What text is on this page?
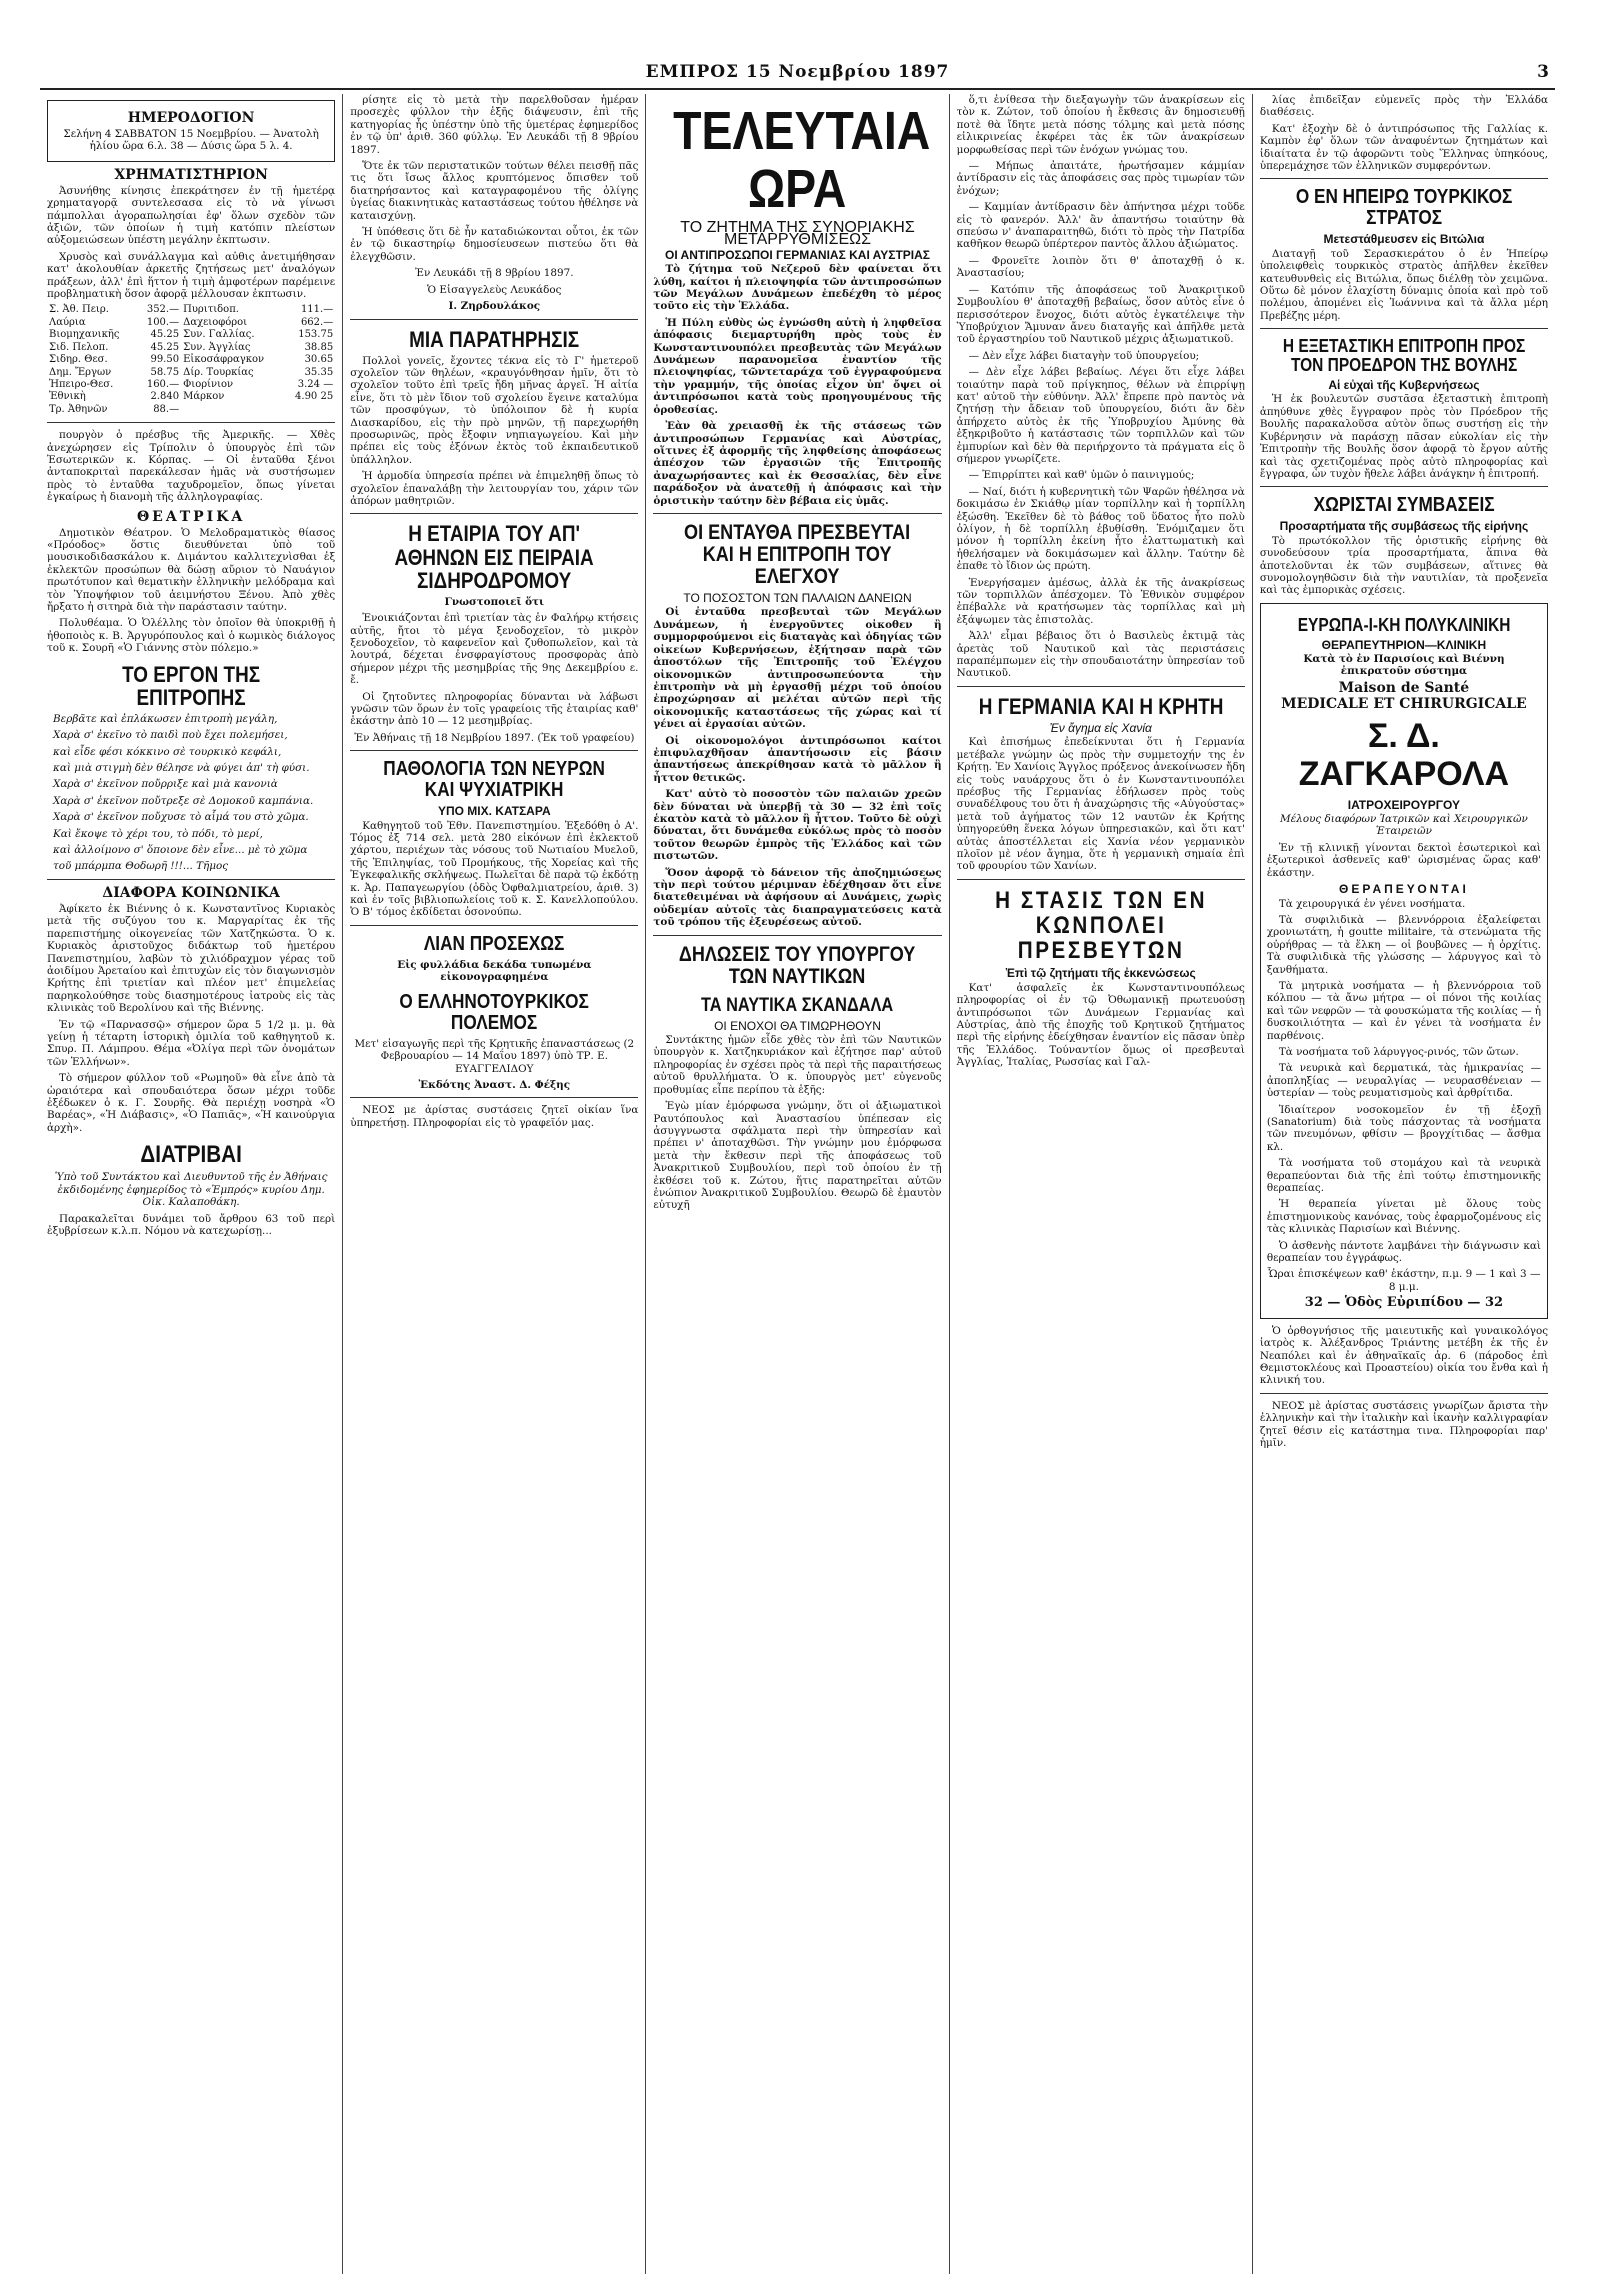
ΕΜΠΡΟΣ 15 Νοεμβρίου 1897	3
ΗΜΕΡΟΔΟΓΙΟΝ

Σελήνη 4 ΣΑΒΒΑΤΟΝ 15 Νοεμβρίου. — Ἀνατολὴ ἡλίου ὥρα 6.λ. 38 — Δύσις ὥρα 5 λ. 4.

ΧΡΗΜΑΤΙΣΤΗΡΙΟΝ

Ἀσυνήθης κίνησις ἐπεκράτησεν ἐν τῇ ἡμετέρᾳ χρηματαγορᾷ συντελεσασα εἰς τὸ νὰ γίνωσι πάμπολλαι ἀγοραπωλησίαι ἐφ' ὅλων σχεδὸν τῶν ἀξιῶν, τῶν ὁποίων ἡ τιμὴ κατόπιν πλείστων αὐξομειώσεων ὑπέστη μεγάλην ἐκπτωσιν.

Χρυσὸς καὶ συνάλλαγμα καὶ αὐθις ἀνετιμήθησαν κατ' ἀκολουθίαν ἀρκετῆς ζητήσεως μετ' ἀναλόγων πράξεων, ἀλλ' ἐπὶ ἥττον ἡ τιμὴ ἀμφοτέρων παρέμεινε προβληματικὴ ὅσον ἀφορᾷ μέλλουσαν ἐκπτωσιν.

Σ. Ἀθ. Πειρ.	352.—	Πυριτιδοπ.	111.—
Λαύρια	100.—	Δαχειοφόροι	662.—
Βιομηχανικῆς	45.25	Συν. Γαλλίας.	153.75
Σιδ. Πελοπ.	45.25	Συν. Ἀγγλίας	38.85
Σιδηρ. Θεσ.	99.50	Εἰκοσάφραγκον	30.65
Δημ. Ἔργων	58.75	Δίρ. Τουρκίας	35.35
Ἠπειρο-Θεσ.	160.—	Φιορίνιον	3.24 —
Ἐθνικὴ	2.840	Μάρκον	4.90 25
Τρ. Ἀθηνῶν	88.—		

πουργὸν ὁ πρέσβυς τῆς Ἀμερικῆς. — Χθὲς ἀνεχώρησεν εἰς Τρίπολιν ὁ ὑπουργὸς ἐπὶ τῶν Ἐσωτερικῶν κ. Κόρπας. — Οἱ ἐνταῦθα ξένοι ἀνταποκριταὶ παρεκάλεσαν ἡμᾶς νὰ συστήσωμεν πρὸς τὸ ἐνταῦθα ταχυδρομεῖον, ὅπως γίνεται ἐγκαίρως ἡ διανομὴ τῆς ἀλληλογραφίας.

ΘΕΑΤΡΙΚΑ

Δημοτικὸν Θέατρον. Ὁ Μελοδραματικὸς θίασος «Πρόοδος» ὅστις διευθύνεται ὑπὸ τοῦ μουσικοδιδασκάλου κ. Διμάντου καλλιτεχνὶσθαι ἐξ ἐκλεκτῶν προσώπων θὰ δώσῃ αὔριον τὸ Ναυάγιον πρωτότυπον καὶ θεματικὴν ἑλληνικὴν μελόδραμα καὶ τὸν Ὑποψήφιον τοῦ ἀειμνήστου Ξένου. Ἀπὸ χθὲς ἤρξατο ἡ σιτηρὰ διὰ τὴν παράστασιν ταύτην.

Πολυθέαμα. Ὁ Ὀλέλλης τὸν ὁποῖον θὰ ὑποκριθῇ ἡ ἠθοποιὸς κ. Β. Ἀργυρόπουλος καὶ ὁ κωμικὸς διάλογος τοῦ κ. Σουρῆ «Ὁ Γιάννης στὸν πόλεμο.»

ΤΟ ΕΡΓΟΝ ΤΗΣ ΕΠΙΤΡΟΠΗΣ

Βερβᾶτε καὶ ἐπλάκωσεν ἐπιτροπὴ μεγάλη,

Χαρὰ σ' ἐκεῖνο τὸ παιδὶ ποὺ ἔχει πολεμήσει,

καὶ εἶδε φέσι κόκκινο σὲ τουρκικὸ κεφάλι,

καὶ μιὰ στιγμὴ δὲν θέλησε νὰ φύγει ἀπ' τὴ φύσι.

Χαρὰ σ' ἐκεῖνον ποὔρριξε καὶ μιὰ κανονιὰ

Χαρὰ σ' ἐκεῖνον ποὔτρεξε σὲ Δομοκοῦ καμπάνια.

Χαρὰ σ' ἐκεῖνον ποὔχυσε τὸ αἷμά του στὸ χῶμα.

Καὶ ἔκοψε τὸ χέρι του, τὸ πόδι, τὸ μερί,

καὶ ἀλλοίμονο σ' ὅποιονε δὲν εἶνε... μὲ τὸ χῶμα

τοῦ μπάρμπα Θοδωρῆ !!!... Τῆμος

ΔΙΑΦΟΡΑ ΚΟΙΝΩΝΙΚΑ

Ἀφίκετο ἐκ Βιέννης ὁ κ. Κωνσταντῖνος Κυριακὸς μετὰ τῆς συζύγου του κ. Μαργαρίτας ἐκ τῆς παρεπιστήμης οἰκογενείας τῶν Χατζηκώστα. Ὁ κ. Κυριακὸς ἀριστοῦχος διδάκτωρ τοῦ ἡμετέρου Πανεπιστημίου, λαβὼν τὸ χιλιόδραχμον γέρας τοῦ ἀοιδίμου Ἀρεταίου καὶ ἐπιτυχὼν εἰς τὸν διαγωνισμὸν Κρήτης ἐπὶ τριετίαν καὶ πλέον μετ' ἐπιμελείας παρηκολούθησε τοὺς διασημοτέρους ἰατροὺς εἰς τὰς κλινικὰς τοῦ Βερολίνου καὶ τῆς Βιέννης.

Ἐν τῷ «Παρνασσῷ» σήμερον ὥρα 5 1/2 μ. μ. θὰ γείνῃ ἡ τέταρτη ἱστορικὴ ὁμιλία τοῦ καθηγητοῦ κ. Σπυρ. Π. Λάμπρου. Θέμα «Ὀλίγα περὶ τῶν ὀνομάτων τῶν Ἑλλήνων».

Τὸ σήμερον φύλλον τοῦ «Ρωμηοῦ» θὰ εἶνε ἀπὸ τὰ ὠραιότερα καὶ σπουδαιότερα ὅσων μέχρι τοῦδε ἐξέδωκεν ὁ κ. Γ. Σουρῆς. Θὰ περιέχῃ νοσηρὰ «Ὁ Βαρέας», «Ἡ Διάβασις», «Ὁ Παπιᾶς», «Ἡ καινούργια ἀρχὴ».

ΔΙΑΤΡΙΒΑΙ

Ὑπὸ τοῦ Συντάκτου καὶ Διευθυντοῦ τῆς ἐν Ἀθήναις ἐκδιδομένης ἐφημερίδος τὸ «Ἐμπρός» κυρίου Δημ. Οἰκ. Καλαποθάκη.

Παρακαλεῖται δυνάμει τοῦ ἄρθρου 63 τοῦ περὶ ἐξυβρίσεων κ.λ.π. Νόμου νὰ κατεχωρίσῃ...

ρίσητε εἰς τὸ μετὰ τὴν παρελθοῦσαν ἡμέραν προσεχὲς φύλλον τὴν ἑξῆς διάψευσιν, ἐπὶ τῆς κατηγορίας ἧς ὑπέστην ὑπὸ τῆς ὑμετέρας ἐφημερίδος ἐν τῷ ὑπ' ἀριθ. 360 φύλλῳ. Ἐν Λευκάδι τῇ 8 9βρίου 1897.

Ὅτε ἐκ τῶν περιστατικῶν τούτων θέλει πεισθῇ πᾶς τις ὅτι ἴσως ἄλλος κρυπτόμενος ὄπισθεν τοῦ διατηρήσαντος καὶ καταγραφομένου τῆς ὀλίγης ὑγείας διακινητικὰς καταστάσεως τούτου ἠθέλησε νὰ καταισχύνῃ.

Ἡ ὑπόθεσις ὅτι δὲ ἦν καταδιώκονται οὗτοι, ἐκ τῶν ἐν τῷ δικαστηρίῳ δημοσίευσεων πιστεύω ὅτι θὰ ἐλεγχθῶσιν.

Ἐν Λευκάδι τῇ 8 9βρίου 1897.

Ὁ Εἰσαγγελεὺς Λευκάδος

Ι. Ζηρδουλάκος

ΜΙΑ ΠΑΡΑΤΗΡΗΣΙΣ

Πολλοὶ γονεῖς, ἔχοντες τέκνα εἰς τὸ Γ' ἡμετεροῦ σχολεῖον τῶν θηλέων, «κραυγόνθησαν ἡμῖν, ὅτι τὸ σχολεῖον τοῦτο ἐπὶ τρεῖς ἤδη μῆνας ἀργεῖ. Ἡ αἰτία εἶνε, ὅτι τὸ μὲν ἴδιον τοῦ σχολείου ἔγεινε καταλύμα τῶν προσφύγων, τὸ ὑπόλοιπον δὲ ἡ κυρία Διασκαρίδου, εἰς τὴν πρὸ μηνῶν, τῇ παρεχωρήθη προσωρινῶς, πρὸς ἔξοφιν νηπιαγωγείου. Καὶ μὴν πρέπει εἰς τοὺς ἐξόνων ἐκτὸς τοῦ ἐκπαιδευτικοῦ ὑπάλληλον.

Ἡ ἀρμοδία ὑπηρεσία πρέπει νὰ ἐπιμεληθῇ ὅπως τὸ σχολεῖον ἐπαναλάβῃ τὴν λειτουργίαν του, χάριν τῶν ἀπόρων μαθητριῶν.

Η ΕΤΑΙΡΙΑ ΤΟΥ ΑΠ' ΑΘΗΝΩΝ ΕΙΣ ΠΕΙΡΑΙΑ ΣΙΔΗΡΟΔΡΟΜΟΥ

Γνωστοποιεῖ ὅτι

Ἐνοικιάζονται ἐπὶ τριετίαν τὰς ἐν Φαλήρῳ κτήσεις αὐτῆς, ἤτοι τὸ μέγα ξενοδοχεῖον, τὸ μικρὸν ξενοδοχεῖον, τὸ καφενεῖον καὶ ζυθοπωλεῖον, καὶ τὰ λουτρά, δέχεται ἐνσφραγίστους προσφορὰς ἀπὸ σήμερον μέχρι τῆς μεσημβρίας τῆς 9ης Δεκεμβρίου ε. ἔ.

Οἱ ζητοῦντες πληροφορίας δύνανται νὰ λάβωσι γνῶσιν τῶν ὅρων ἐν τοῖς γραφείοις τῆς ἑταιρίας καθ' ἑκάστην ἀπὸ 10 — 12 μεσημβρίας.

Ἐν Ἀθήναις τῇ 18 Νεμβρίου 1897. (Ἐκ τοῦ γραφείου)

ΠΑΘΟΛΟΓΙΑ ΤΩΝ ΝΕΥΡΩΝ ΚΑΙ ΨΥΧΙΑΤΡΙΚΗ
ΥΠΟ ΜΙΧ. ΚΑΤΣΑΡΑ

Καθηγητοῦ τοῦ Ἐθν. Πανεπιστημίου. Ἐξεδόθη ὁ Α'. Τόμος ἐξ 714 σελ. μετὰ 280 εἰκόνων ἐπὶ ἐκλεκτοῦ χάρτου, περιέχων τὰς νόσους τοῦ Νωτιαίου Μυελοῦ, τῆς Ἐπιληψίας, τοῦ Προμήκους, τῆς Χορείας καὶ τῆς Ἐγκεφαλικῆς σκλήψεως. Πωλεῖται δὲ παρὰ τῷ ἐκδότῃ κ. Ἀρ. Παπαγεωργίου (ὁδὸς Ὀφθαλμιατρείου, ἀριθ. 3) καὶ ἐν τοῖς βιβλιοπωλείοις τοῦ κ. Σ. Κανελλοπούλου. Ὁ Β' τόμος ἐκδίδεται ὁσονούπω.

ΛΙΑΝ ΠΡΟΣΕΧΩΣ

Εἰς φυλλάδια δεκάδα τυπωμένα εἰκονογραφημένα

Ο ΕΛΛΗΝΟΤΟΥΡΚΙΚΟΣ ΠΟΛΕΜΟΣ

Μετ' εἰσαγωγῆς περὶ τῆς Κρητικῆς ἐπαναστάσεως (2 Φεβρουαρίου — 14 Μαΐου 1897) ὑπὸ ΤΡ. Ε. ΕΥΑΓΓΕΛΙΔΟΥ

Ἐκδότης Ἀναστ. Δ. Φέξης

ΝΕΟΣ με ἀρίστας συστάσεις ζητεῖ οἰκίαν ἵνα ὑπηρετήσῃ. Πληροφορίαι εἰς τὸ γραφεῖόν μας.

ΤΕΛΕΥΤΑΙΑ ΩΡΑ
ΤΟ ΖΗΤΗΜΑ ΤΗΣ ΣΥΝΟΡΙΑΚΗΣ ΜΕΤΑΡΡΥΘΜΙΣΕΩΣ
ΟΙ ΑΝΤΙΠΡΟΣΩΠΟΙ ΓΕΡΜΑΝΙΑΣ ΚΑΙ ΑΥΣΤΡΙΑΣ

Τὸ ζήτημα τοῦ Νεζεροῦ δὲν φαίνεται ὅτι λύθη, καίτοι ἡ πλειοψηφία τῶν ἀντιπροσώπων τῶν Μεγάλων Δυνάμεων ἐπεδέχθη τὸ μέρος τοῦτο εἰς τὴν Ἑλλάδα.

Ἡ Πύλη εὐθὺς ὡς ἐγνώσθη αὐτὴ ἡ ληφθεῖσα ἀπόφασις διεμαρτυρήθη πρὸς τοὺς ἐν Κωνσταντινουπόλει πρεσβευτὰς τῶν Μεγάλων Δυνάμεων παρανομεῖσα ἐναντίον τῆς πλειοψηφίας, τῶντεταράχα τοῦ ἐγγραφούμενα τὴν γραμμήν, τῆς ὁποίας εἶχον ὑπ' ὄψει οἱ ἀντιπρόσωποι κατὰ τοὺς προηγουμένους τῆς ὁροθεσίας.

Ἐὰν θὰ χρειασθῇ ἐκ τῆς στάσεως τῶν ἀντιπροσώπων Γερμανίας καὶ Αὐστρίας, οἵτινες ἐξ ἀφορμῆς τῆς ληφθείσης ἀποφάσεως ἀπέσχον τῶν ἐργασιῶν τῆς Ἐπιτροπῆς ἀναχωρήσαντες καὶ ἐκ Θεσσαλίας, δὲν εἶνε παράδοξον νὰ ἀνατεθῇ ἡ ἀπόφασις καὶ τὴν ὁριστικὴν ταύτην δὲν βέβαια εἰς ὑμᾶς.

ΟΙ ΕΝΤΑΥΘΑ ΠΡΕΣΒΕΥΤΑΙ ΚΑΙ Η ΕΠΙΤΡΟΠΗ ΤΟΥ ΕΛΕΓΧΟΥ
ΤΟ ΠΟΣΟΣΤΟΝ ΤΩΝ ΠΑΛΑΙΩΝ ΔΑΝΕΙΩΝ

Οἱ ἐνταῦθα πρεσβευταὶ τῶν Μεγάλων Δυνάμεων, ἡ ἐνεργοῦντες οἰκοθεν ἢ συμμορφούμενοι εἰς διαταγὰς καὶ ὁδηγίας τῶν οἰκείων Κυβερνήσεων, ἐξήτησαν παρὰ τῶν ἀποστόλων τῆς Ἐπιτροπῆς τοῦ Ἐλέγχου οἰκονομικῶν ἀντιπροσωπεύοντα τὴν ἐπιτροπὴν νὰ μὴ ἐργασθῇ μέχρι τοῦ ὁποίου ἐπροχώρησαν αἱ μελέται αὐτῶν περὶ τῆς οἰκονομικῆς καταστάσεως τῆς χώρας καὶ τί γένει αἱ ἐργασίαι αὐτῶν.

Οἱ οἰκονομολόγοι ἀντιπρόσωποι καίτοι ἐπιφυλαχθῆσαν ἀπαντήσωσιν εἰς βάσιν ἀπαντήσεως ἀπεκρίθησαν κατὰ τὸ μᾶλλον ἢ ἧττον θετικῶς.

Κατ' αὐτὸ τὸ ποσοστὸν τῶν παλαιῶν χρεῶν δὲν δύναται νὰ ὑπερβῇ τὰ 30 — 32 ἐπὶ τοῖς ἑκατὸν κατὰ τὸ μᾶλλον ἢ ἧττον. Τοῦτο δὲ οὐχὶ δύναται, ὅτι δυνάμεθα εὐκόλως πρὸς τὸ ποσὸν τοῦτον θεωρῶν ἐμπρὸς τῆς Ἑλλάδος καὶ τῶν πιστωτῶν.

Ὅσον ἀφορᾷ τὸ δάνειον τῆς ἀποζημιώσεως τὴν περὶ τούτου μέριμναν ἐδέχθησαν ὅτι εἶνε διατεθειμέναι νὰ ἀφήσουν αἱ Δυνάμεις, χωρὶς οὐδεμίαν αὐτοῖς τὰς διαπραγματεύσεις κατὰ τοῦ τρόπου τῆς ἐξευρέσεως αὐτοῦ.

ΔΗΛΩΣΕΙΣ ΤΟΥ ΥΠΟΥΡΓΟΥ ΤΩΝ ΝΑΥΤΙΚΩΝ
ΤΑ ΝΑΥΤΙΚΑ ΣΚΑΝΔΑΛΑ
ΟΙ ΕΝΟΧΟΙ ΘΑ ΤΙΜΩΡΗΘΟΥΝ

Συντάκτης ἡμῶν εἶδε χθὲς τὸν ἐπὶ τῶν Ναυτικῶν ὑπουργὸν κ. Χατζηκυριάκον καὶ ἐζήτησε παρ' αὐτοῦ πληροφορίας ἐν σχέσει πρὸς τὰ περὶ τῆς παραιτήσεως αὐτοῦ θρυλλήματα. Ὁ κ. ὑπουργὸς μετ' εὐγενοῦς προθυμίας εἶπε περίπου τὰ ἑξῆς:

Ἐγὼ μίαν ἐμόρφωσα γνώμην, ὅτι οἱ ἀξιωματικοὶ Ραυτόπουλος καὶ Ἀναστασίου ὑπέπεσαν εἰς ἀσυγγνωστα σφάλματα περὶ τὴν ὑπηρεσίαν καὶ πρέπει ν' ἀποταχθῶσι. Τὴν γνώμην μου ἐμόρφωσα μετὰ τὴν ἔκθεσιν περὶ τῆς ἀποφάσεως τοῦ Ἀνακριτικοῦ Συμβουλίου, περὶ τοῦ ὁποίου ἐν τῇ ἐκθέσει τοῦ κ. Ζώτου, ἥτις παρατηρεῖται αὐτῶν ἐνώπιον Ἀνακριτικοῦ Συμβουλίου. Θεωρῶ δὲ ἐμαυτὸν εὐτυχῆ

ὅ,τι ἐνίθεσα τὴν διεξαγωγὴν τῶν ἀνακρίσεων εἰς τὸν κ. Ζώτον, τοῦ ὁποίου ἡ ἔκθεσις ἂν δημοσιευθῇ ποτὲ θὰ ἴδητε μετὰ πόσης τόλμης καὶ μετὰ πόσης εἰλικρινείας ἐκφέρει τὰς ἐκ τῶν ἀνακρίσεων μορφωθείσας περὶ τῶν ἐνόχων γνώμας του.

— Μήπως ἀπαιτάτε, ἠρωτήσαμεν κάμμίαν ἀντίδρασιν εἰς τὰς ἀποφάσεις σας πρὸς τιμωρίαν τῶν ἐνόχων;

— Καμμίαν ἀντίδρασιν δὲν ἀπήντησα μέχρι τοῦδε εἰς τὸ φανερόν. Ἀλλ' ἂν ἀπαντήσω τοιαύτην θὰ σπεύσω ν' ἀναπαραιτηθῶ, διότι τὸ πρὸς τὴν Πατρίδα καθῆκον θεωρῶ ὑπέρτερον παντὸς ἄλλου ἀξιώματος.

— Φρονεῖτε λοιπὸν ὅτι θ' ἀποταχθῇ ὁ κ. Ἀναστασίου;

— Κατόπιν τῆς ἀποφάσεως τοῦ Ἀνακριτικοῦ Συμβουλίου θ' ἀποταχθῇ βεβαίως, ὅσον αὐτὸς εἶνε ὁ περισσότερον ἔνοχος, διότι αὐτὸς ἐγκατέλειψε τὴν Ὑποβρύχιον Ἄμυναν ἄνευ διαταγῆς καὶ ἀπῆλθε μετὰ τοῦ ἐργαστηρίου τοῦ Ναυτικοῦ μέχρις ἀξιωματικοῦ.

— Δὲν εἶχε λάβει διαταγὴν τοῦ ὑπουργείου;

— Δὲν εἶχε λάβει βεβαίως. Λέγει ὅτι εἶχε λάβει τοιαύτην παρὰ τοῦ πρίγκηπος, θέλων νὰ ἐπιρρίψῃ κατ' αὐτοῦ τὴν εὐθύνην. Ἀλλ' ἔπρεπε πρὸ παντὸς νὰ ζητήσῃ τὴν ἄδειαν τοῦ ὑπουργείου, διότι ἂν δὲν ἀπήρχετο αὐτὸς ἐκ τῆς Ὑποβρυχίου Ἀμύνης θὰ ἐξηκριβοῦτο ἡ κατάστασις τῶν τορπιλλῶν καὶ τῶν ἐμπυρίων καὶ δὲν θὰ περιήρχοντο τὰ πράγματα εἰς ὃ σήμερον γνωρίζετε.

— Ἐπιρρίπτει καὶ καθ' ὑμῶν ὁ παινιγμούς;

— Ναί, διότι ἡ κυβερνητικὴ τῶν Ψαρῶν ἠθέλησα νὰ δοκιμάσω ἐν Σκιάθῳ μίαν τορπίλλην καὶ ἡ τορπίλλη ἐξώσθη. Ἐκεῖθεν δὲ τὸ βάθος τοῦ ὕδατος ἧτο πολὺ ὀλίγον, ἡ δὲ τορπίλλη ἐβυθίσθη. Ἐνόμιζαμεν ὅτι μόνον ἡ τορπίλλη ἐκείνη ἦτο ἐλαττωματικὴ καὶ ἠθελήσαμεν νὰ δοκιμάσωμεν καὶ ἄλλην. Ταύτην δὲ ἐπαθε τὸ ἴδιον ὡς πρώτη.

Ἐνεργήσαμεν ἀμέσως, ἀλλὰ ἐκ τῆς ἀνακρίσεως τῶν τορπιλλῶν ἀπέσχομεν. Τὸ Ἐθνικὸν συμφέρον ἐπέβαλλε νὰ κρατήσωμεν τὰς τορπίλλας καὶ μὴ ἐξάψωμεν τὰς ἐπιστολὰς.

Ἀλλ' εἶμαι βέβαιος ὅτι ὁ Βασιλεὺς ἐκτιμᾷ τὰς ἀρετὰς τοῦ Ναυτικοῦ καὶ τὰς περιστάσεις παραπέμπωμεν εἰς τὴν σπουδαιοτάτην ὑπηρεσίαν τοῦ Ναυτικοῦ.

Η ΓΕΡΜΑΝΙΑ ΚΑΙ Η ΚΡΗΤΗ
Ἐν ἄγημα εἰς Χανία

Καὶ ἐπισήμως ἐπεδείκνυται ὅτι ἡ Γερμανία μετέβαλε γνώμην ὡς πρὸς τὴν συμμετοχήν της ἐν Κρήτῃ. Ἐν Χανίοις Ἄγγλος πρόξενος ἀνεκοίνωσεν ἤδη εἰς τοὺς ναυάρχους ὅτι ὁ ἐν Κωνσταντινουπόλει πρέσβυς τῆς Γερμανίας ἐδήλωσεν πρὸς τοὺς συναδέλφους του ὅτι ἡ ἀναχώρησις τῆς «Αὐγούστας» μετὰ τοῦ ἀγήματος τῶν 12 ναυτῶν ἐκ Κρήτης ὑπηγορεύθη ἕνεκα λόγων ὑπηρεσιακῶν, καὶ ὅτι κατ' αὐτὰς ἀποστέλλεται εἰς Χανία νέον γερμανικὸν πλοῖον μὲ νέον ἄγημα, ὅτε ἡ γερμανικὴ σημαία ἐπὶ τοῦ φρουρίου τῶν Χανίων.

Η ΣΤΑΣΙΣ ΤΩΝ ΕΝ ΚΩΝΠΟΛΕΙ ΠΡΕΣΒΕΥΤΩΝ
Ἐπὶ τῷ ζητήματι τῆς ἐκκενώσεως

Κατ' ἀσφαλεῖς ἐκ Κωνσταντινουπόλεως πληροφορίας οἱ ἐν τῷ Ὀθωμανικῇ πρωτευούσῃ ἀντιπρόσωποι τῶν Δυνάμεων Γερμανίας καὶ Αὐστρίας, ἀπὸ τῆς ἐποχῆς τοῦ Κρητικοῦ ζητήματος περὶ τῆς εἰρήνης ἐδείχθησαν ἐναντίον εἰς πᾶσαν ὑπὲρ τῆς Ἑλλάδος. Τούναντίον ὅμως οἱ πρεσβευταὶ Ἀγγλίας, Ἰταλίας, Ρωσσίας καὶ Γαλ-

λίας ἐπιδεῖξαν εὐμενεῖς πρὸς τὴν Ἑλλάδα διαθέσεις.

Κατ' ἐξοχὴν δὲ ὁ ἀντιπρόσωπος τῆς Γαλλίας κ. Καμπὸν ἐφ' ὅλων τῶν ἀναφυέντων ζητημάτων καὶ ἰδιαίτατα ἐν τῷ ἀφορῶντι τοὺς Ἕλληνας ὑπηκόους, ὑπερεμάχησε τῶν ἑλληνικῶν συμφερόντων.

Ο ΕΝ ΗΠΕΙΡΩ ΤΟΥΡΚΙΚΟΣ ΣΤΡΑΤΟΣ
Μετεστάθμευσεν εἰς Βιτώλια

Διαταγῇ τοῦ Σερασκιεράτου ὁ ἐν Ἠπείρῳ ὑπολειφθεὶς τουρκικὸς στρατὸς ἀπῆλθεν ἐκεῖθεν κατευθυνθεὶς εἰς Βιτώλια, ὅπως διέλθῃ τὸν χειμῶνα. Οὕτω δὲ μόνον ἐλαχίστη δύναμις ὁποία καὶ πρὸ τοῦ πολέμου, ἀπομένει εἰς Ἰωάννινα καὶ τὰ ἄλλα μέρη Πρεβέζης μέρη.

Η ΕΞΕΤΑΣΤΙΚΗ ΕΠΙΤΡΟΠΗ ΠΡΟΣ ΤΟΝ ΠΡΟΕΔΡΟΝ ΤΗΣ ΒΟΥΛΗΣ
Αἱ εὐχαὶ τῆς Κυβερνήσεως

Ἡ ἐκ βουλευτῶν συστᾶσα ἐξεταστικὴ ἐπιτροπὴ ἀπηύθυνε χθὲς ἔγγραφον πρὸς τὸν Πρόεδρον τῆς Βουλῆς παρακαλοῦσα αὐτὸν ὅπως συστήσῃ εἰς τὴν Κυβέρνησιν νὰ παράσχῃ πᾶσαν εὐκολίαν εἰς τὴν Ἐπιτροπὴν τῆς Βουλῆς ὅσον ἀφορᾷ τὸ ἔργον αὐτῆς καὶ τὰς σχετιζομένας πρὸς αὐτὸ πληροφορίας καὶ ἔγγραφα, ὧν τυχὸν ἤθελε λάβει ἀνάγκην ἡ ἐπιτροπή.

ΧΩΡΙΣΤΑΙ ΣΥΜΒΑΣΕΙΣ
Προσαρτήματα τῆς συμβάσεως τῆς εἰρήνης

Τὸ πρωτόκολλον τῆς ὁριστικῆς εἰρήνης θὰ συνοδεύσουν τρία προσαρτήματα, ἅπινα θὰ ἀποτελοῦνται ἐκ τῶν συμβάσεων, αἵτινες θὰ συνομολογηθῶσιν διὰ τὴν ναυτιλίαν, τὰ προξενεῖα καὶ τὰς ἐμπορικὰς σχέσεις.

ΕΥΡΩΠΑ-Ι-ΚΗ ΠΟΛΥΚΛΙΝΙΚΗ
ΘΕΡΑΠΕΥΤΗΡΙΟΝ—ΚΛΙΝΙΚΗ

Κατὰ τὸ ἐν Παρισίοις καὶ Βιέννη ἐπικρατοῦν σύστημα

Maison de Santé

MEDICALE ET CHIRURGICALE

Σ. Δ. ΖΑΓΚΑΡΟΛΑ
ΙΑΤΡΟΧΕΙΡΟΥΡΓΟΥ

Μέλους διαφόρων Ἰατρικῶν καὶ Χειρουργικῶν Ἑταιρειῶν

Ἐν τῇ κλινικῇ γίνονται δεκτοὶ ἐσωτερικοὶ καὶ ἐξωτερικοὶ ἀσθενεῖς καθ' ὡρισμένας ὥρας καθ' ἑκάστην.

ΘΕΡΑΠΕΥΟΝΤΑΙ

Τὰ χειρουργικά ἐν γένει νοσήματα.

Τὰ συφιλιδικὰ — βλεννόρροια ἐξαλείφεται χρονιωτάτη, ἡ goutte militaire, τὰ στενώματα τῆς οὐρήθρας — τὰ ἕλκη — οἱ βουβῶνες — ἡ ὀρχίτις. Τὰ συφιλιδικὰ τῆς γλώσσης — λάρυγγος καὶ τὸ ξανθήματα.

Τὰ μητρικὰ νοσήματα — ἡ βλεννόρροια τοῦ κόλπου — τὰ ἄνω μήτρα — οἱ πόνοι τῆς κοιλίας καὶ τῶν νεφρῶν — τὰ φουσκώματα τῆς κοιλίας — ἡ δυσκοιλιότητα — καὶ ἐν γένει τὰ νοσήματα ἐν παρθένοις.

Τὰ νοσήματα τοῦ λάρυγγος-ρινός, τῶν ὤτων.

Τὰ νευρικὰ καὶ δερματικά, τὰς ἡμικρανίας — ἀποπληξίας — νευραλγίας — νευρασθένειαν — ὑστερίαν — τοὺς ρευματισμοὺς καὶ ἀρθρίτιδα.

Ἰδιαίτερον νοσοκομεῖον ἐν τῇ ἐξοχῇ (Sanatorium) διὰ τοὺς πάσχοντας τὰ νοσήματα τῶν πνευμόνων, φθίσιν — βρογχίτιδας — ἄσθμα κλ.

Τὰ νοσήματα τοῦ στομάχου καὶ τὰ νευρικὰ θεραπεύονται διὰ τῆς ἐπὶ τούτῳ ἐπιστημονικῆς θεραπείας.

Ἡ θεραπεία γίνεται μὲ ὅλους τοὺς ἐπιστημονικοὺς κανόνας, τοὺς ἐφαρμοζομένους εἰς τὰς κλινικὰς Παρισίων καὶ Βιέννης.

Ὁ ἀσθενὴς πάντοτε λαμβάνει τὴν διάγνωσιν καὶ θεραπείαν του ἐγγράφως.

Ὧραι ἐπισκέψεων καθ' ἑκάστην, π.μ. 9 — 1 καὶ 3 — 8 μ.μ.

32 — Ὁδὸς Εὐριπίδου — 32

Ὁ ὀρθογνήσιος τῆς μαιευτικῆς καὶ γυναικολόγος ἰατρὸς κ. Ἀλέξανδρος Τριάντης μετέβη ἐκ τῆς ἐν Νεαπόλει καὶ ἐν ἀθηναϊκαῖς ἀρ. 6 (πάροδος ἐπὶ Θεμιστοκλέους καὶ Προαστείου) οἰκία του ἔνθα καὶ ἡ κλινική του.

ΝΕΟΣ μὲ ἀρίστας συστάσεις γνωρίζων ἄριστα τὴν ἑλληνικὴν καὶ τὴν ἰταλικὴν καὶ ἱκανὴν καλλιγραφίαν ζητεῖ θέσιν εἰς κατάστημα τινα. Πληροφορίαι παρ' ἡμῖν.
